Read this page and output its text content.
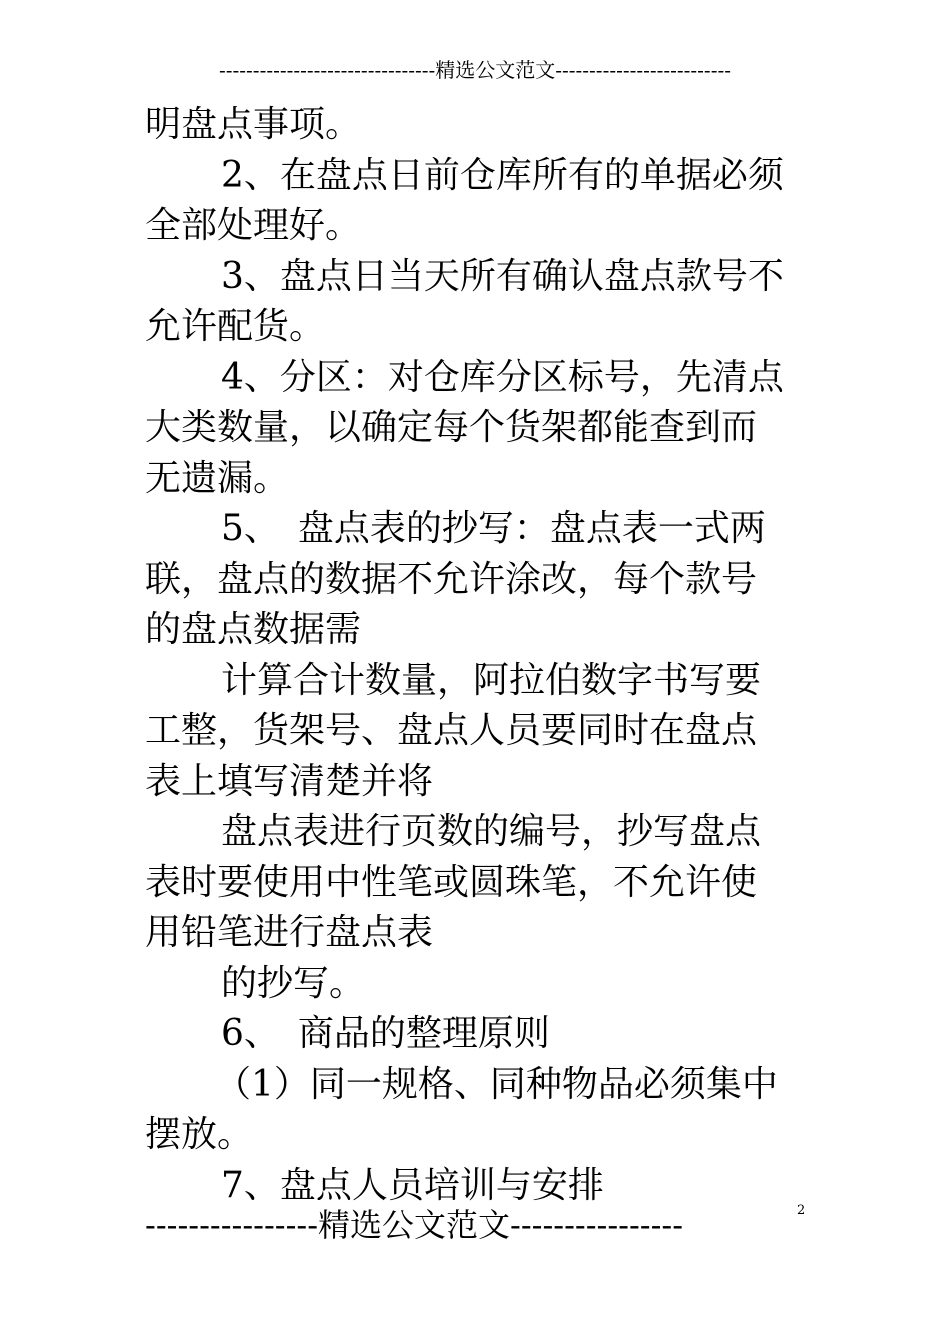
--------------------------------精选公文范文--------------------------
明盘点事项。
2、在盘点日前仓库所有的单据必须
全部处理好。
3、盘点日当天所有确认盘点款号不
允许配货。
4、分区：对仓库分区标号，先清点
大类数量，以确定每个货架都能查到而
无遗漏。
5、　盘点表的抄写：盘点表一式两
联，盘点的数据不允许涂改，每个款号
的盘点数据需
计算合计数量，阿拉伯数字书写要
工整，货架号、盘点人员要同时在盘点
表上填写清楚并将
盘点表进行页数的编号，抄写盘点
表时要使用中性笔或圆珠笔，不允许使
用铅笔进行盘点表
的抄写。
6、　商品的整理原则
（1）同一规格、同种物品必须集中
摆放。
7、盘点人员培训与安排
----------------精选公文范文----------------	2
